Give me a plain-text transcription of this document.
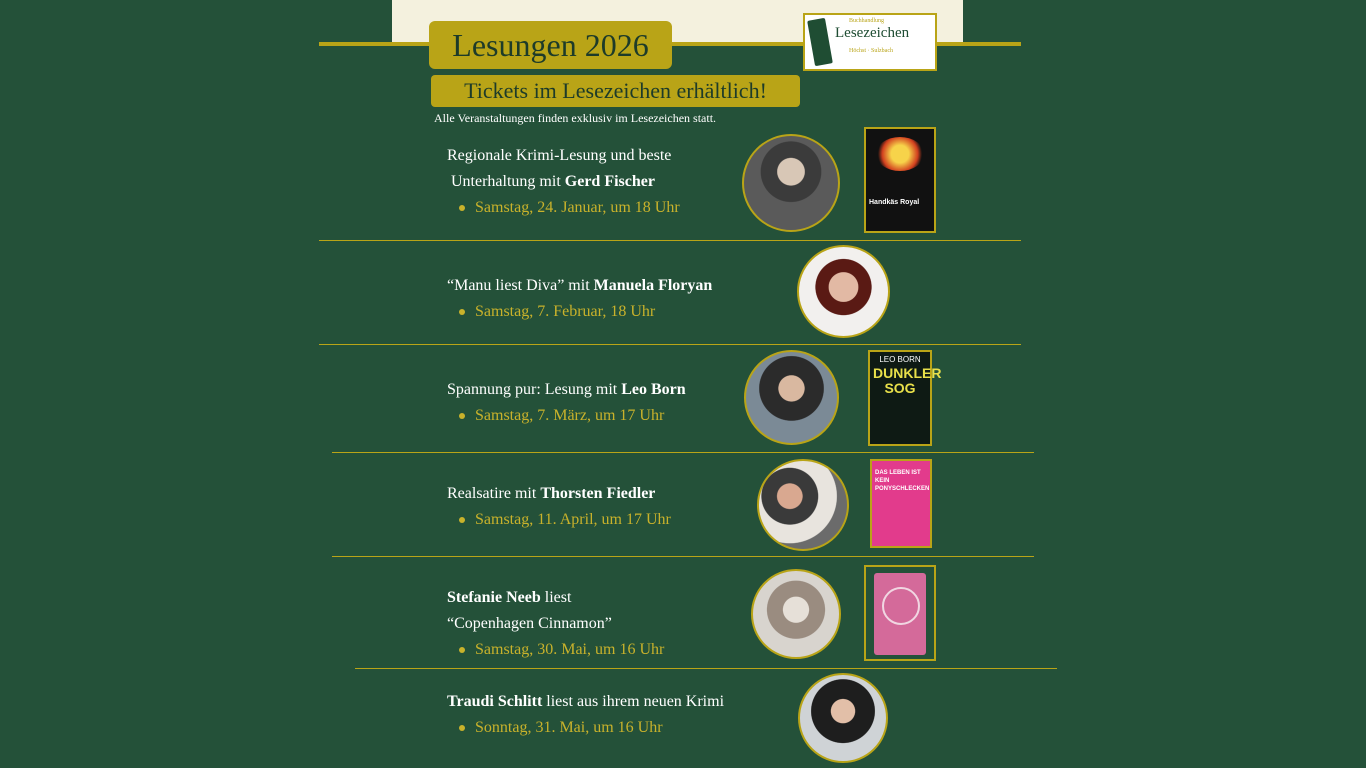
Lesungen 2026
Buchhandlung
Lesezeichen
Höchst · Sulzbach
Tickets im Lesezeichen erhältlich!
Alle Veranstaltungen finden exklusiv im Lesezeichen statt.
Regionale Krimi-Lesung und beste
Unterhaltung mit Gerd Fischer
Samstag, 24. Januar, um 18 Uhr	Handkäs Royal
“Manu liest Diva” mit Manuela Floryan
Samstag, 7. Februar, 18 Uhr
Spannung pur: Lesung mit Leo Born
Samstag, 7. März, um 17 Uhr
LEO BORN
DUNKLER SOG
Realsatire mit Thorsten Fiedler
Samstag, 11. April, um 17 Uhr
DAS LEBEN IST KEIN PONYSCHLECKEN
Stefanie Neeb liest
“Copenhagen Cinnamon”
Samstag, 30. Mai, um 16 Uhr
Traudi Schlitt liest aus ihrem neuen Krimi
Sonntag, 31. Mai, um 16 Uhr
